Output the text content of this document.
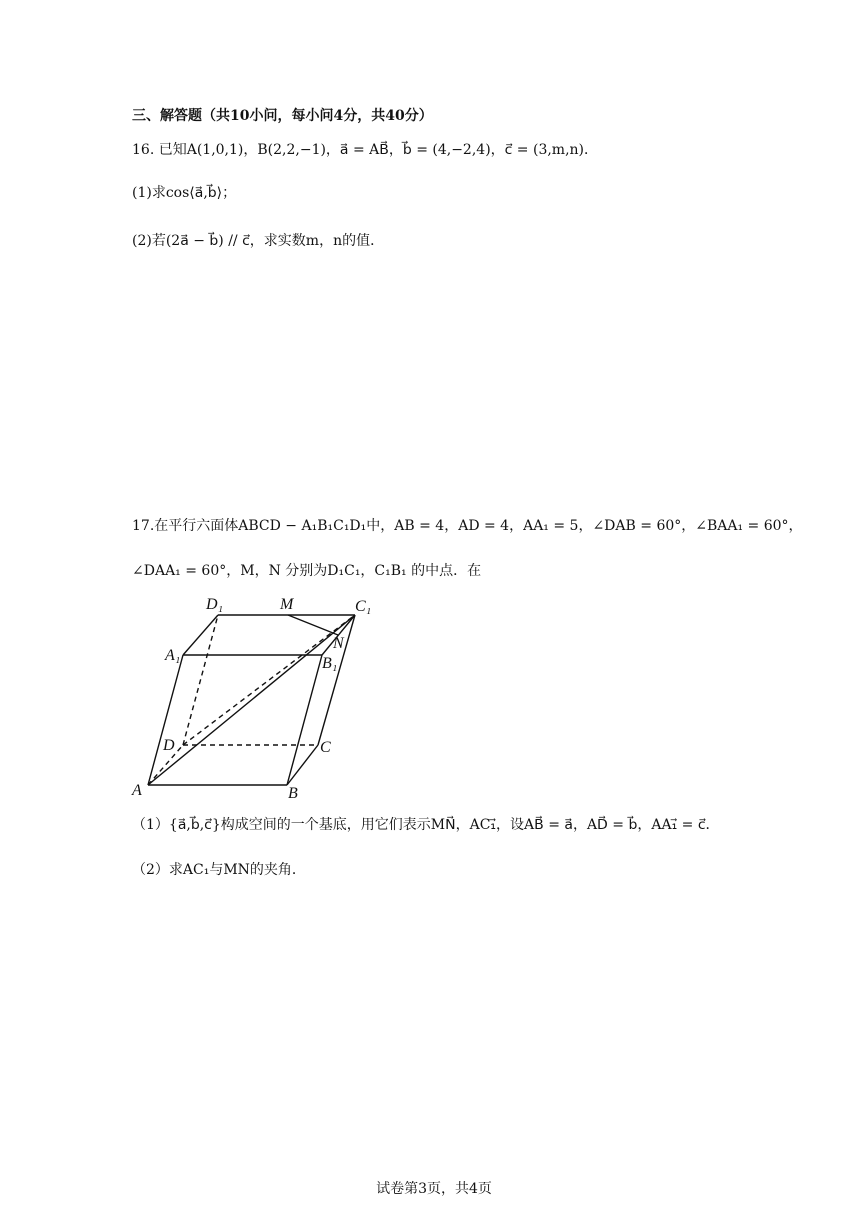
三、解答题（共10小问，每小问4分，共40分）
16. 已知A(1,0,1)，B(2,2,−1)，a⃗ = AB⃗，b⃗ = (4,−2,4)，c⃗ = (3,m,n)．
(1)求cos⟨a⃗,b⃗⟩；
(2)若(2a⃗ − b⃗) // c⃗，求实数m，n的值．
17.在平行六面体ABCD − A₁B₁C₁D₁中，AB = 4，AD = 4，AA₁ = 5，∠DAB = 60°，∠BAA₁ = 60°，
∠DAA₁ = 60°，M，N 分别为D₁C₁，C₁B₁ 的中点．在
D₁	M	C₁
A₁
N
B₁
D	C
A	B
（1）{a⃗,b⃗,c⃗}构成空间的一个基底，用它们表示MN⃗，AC₁⃗，设AB⃗ = a⃗，AD⃗ = b⃗，AA₁⃗ = c⃗．
（2）求AC₁与MN的夹角．
试卷第3页，共4页
